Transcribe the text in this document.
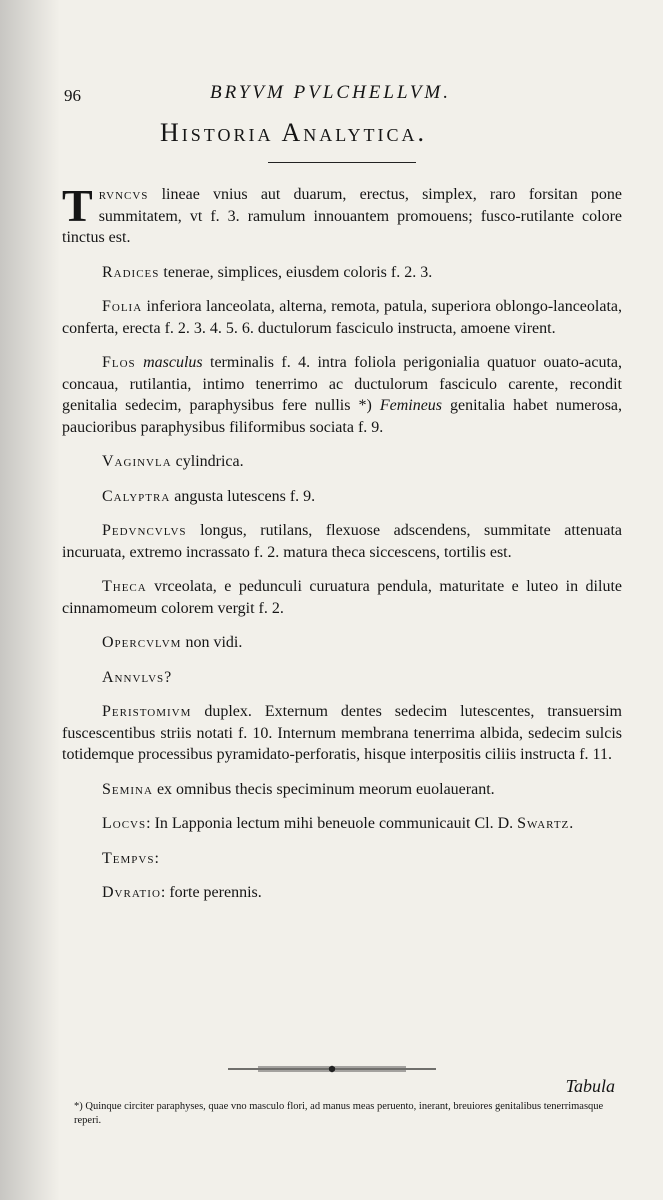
96	BRYVM PVLCHELLVM.
Historia Analytica.

Trvncvs lineae vnius aut duarum, erectus, simplex, raro forsitan pone summitatem, vt f. 3. ramulum innouantem promouens; fusco-rutilante colore tinctus est.

Radices tenerae, simplices, eiusdem coloris f. 2. 3.

Folia inferiora lanceolata, alterna, remota, patula, superiora oblongo-lanceolata, conferta, erecta f. 2. 3. 4. 5. 6. ductulorum fasciculo instructa, amoene virent.

Flos masculus terminalis f. 4. intra foliola perigonialia quatuor ouato-acuta, concaua, rutilantia, intimo tenerrimo ac ductulorum fasciculo carente, recondit genitalia sedecim, paraphysibus fere nullis *) Femineus genitalia habet numerosa, paucioribus paraphysibus filiformibus sociata f. 9.

Vaginvla cylindrica.

Calyptra angusta lutescens f. 9.

Pedvncvlvs longus, rutilans, flexuose adscendens, summitate attenuata incuruata, extremo incrassato f. 2. matura theca siccescens, tortilis est.

Theca vrceolata, e pedunculi curuatura pendula, maturitate e luteo in dilute cinnamomeum colorem vergit f. 2.

Opercvlvm non vidi.

Annvlvs?

Peristomivm duplex. Externum dentes sedecim lutescentes, transuersim fuscescentibus striis notati f. 10. Internum membrana tenerrima albida, sedecim sulcis totidemque processibus pyramidato-perforatis, hisque interpositis ciliis instructa f. 11.

Semina ex omnibus thecis speciminum meorum euolauerant.

Locvs: In Lapponia lectum mihi beneuole communicauit Cl. D. Swartz.

Tempvs:

Dvratio: forte perennis.

Tabula
*) Quinque circiter paraphyses, quae vno masculo flori, ad manus meas peruento, inerant, breuiores genitalibus tenerrimasque reperi.
